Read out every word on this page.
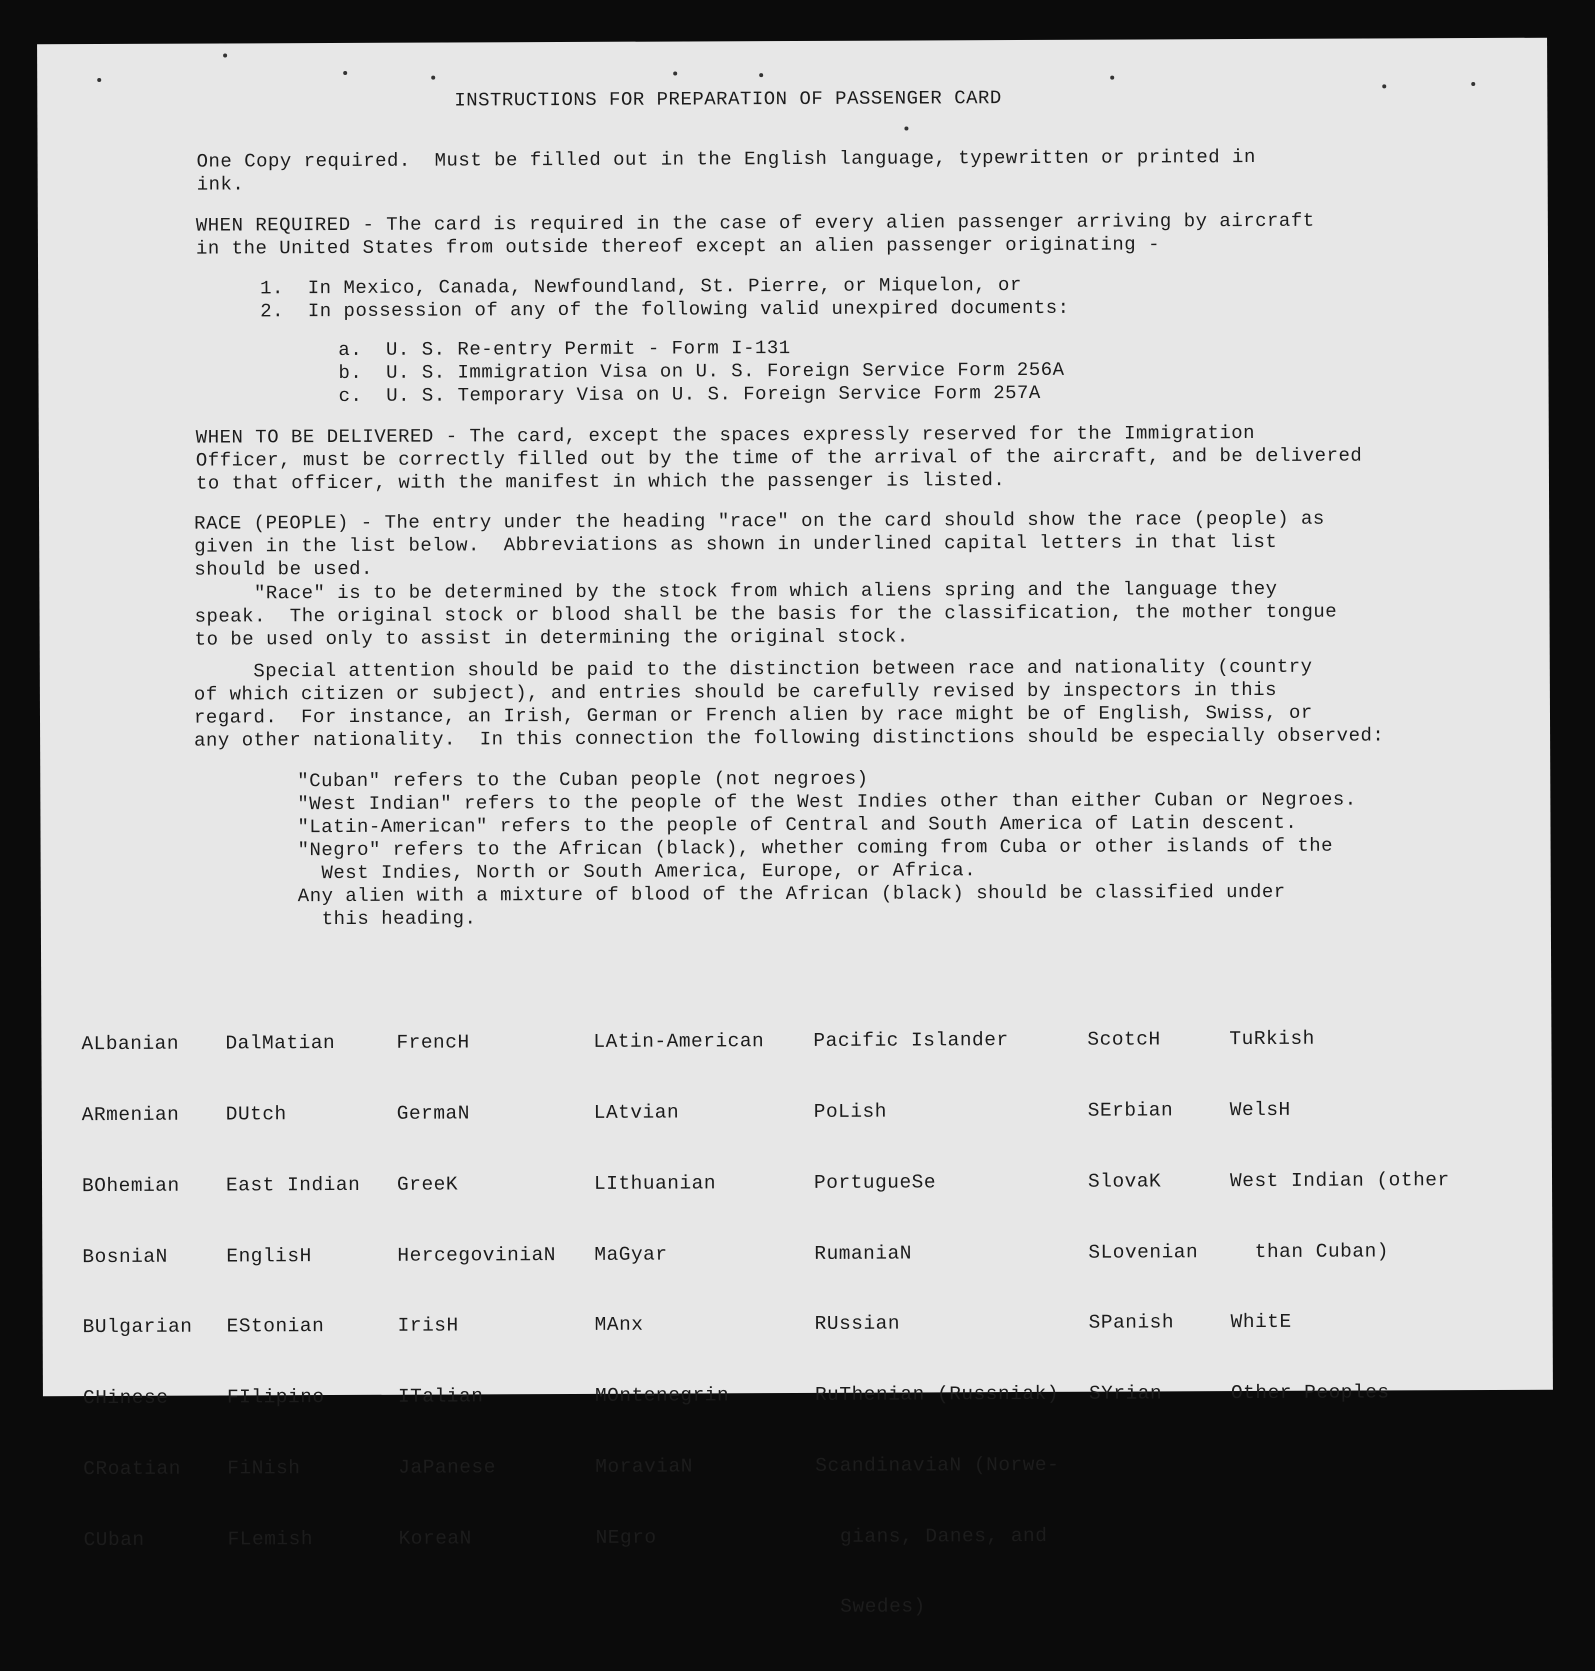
INSTRUCTIONS FOR PREPARATION OF PASSENGER CARD
One Copy required.  Must be filled out in the English language, typewritten or printed in
ink.
WHEN REQUIRED - The card is required in the case of every alien passenger arriving by aircraft
in the United States from outside thereof except an alien passenger originating -
1.  In Mexico, Canada, Newfoundland, St. Pierre, or Miquelon, or
2.  In possession of any of the following valid unexpired documents:
a.  U. S. Re-entry Permit - Form I-131
b.  U. S. Immigration Visa on U. S. Foreign Service Form 256A
c.  U. S. Temporary Visa on U. S. Foreign Service Form 257A
WHEN TO BE DELIVERED - The card, except the spaces expressly reserved for the Immigration
Officer, must be correctly filled out by the time of the arrival of the aircraft, and be delivered
to that officer, with the manifest in which the passenger is listed.
RACE (PEOPLE) - The entry under the heading "race" on the card should show the race (people) as
given in the list below.  Abbreviations as shown in underlined capital letters in that list
should be used.
"Race" is to be determined by the stock from which aliens spring and the language they
speak.  The original stock or blood shall be the basis for the classification, the mother tongue
to be used only to assist in determining the original stock.
Special attention should be paid to the distinction between race and nationality (country
of which citizen or subject), and entries should be carefully revised by inspectors in this
regard.  For instance, an Irish, German or French alien by race might be of English, Swiss, or
any other nationality.  In this connection the following distinctions should be especially observed:
"Cuban" refers to the Cuban people (not negroes)
"West Indian" refers to the people of the West Indies other than either Cuban or Negroes.
"Latin-American" refers to the people of Central and South America of Latin descent.
"Negro" refers to the African (black), whether coming from Cuba or other islands of the
West Indies, North or South America, Europe, or Africa.
Any alien with a mixture of blood of the African (black) should be classified under
this heading.

ALbanian

ARmenian

BOhemian

BosniaN

BUlgarian

CHinese

CRoatian

CUban

DalMatian

DUtch

East Indian

EnglisH

EStonian

FIlipino

FiNish

FLemish

FrencH

GermaN

GreeK

HercegoviniaN

IrisH

ITalian

JaPanese

KoreaN

LAtin-American

LAtvian

LIthuanian

MaGyar

MAnx

MOntenegrin

MoraviaN

NEgro

Pacific Islander

PoLish

PortugueSe

RumaniaN

RUssian

RuThenian (Russniak)

ScandinaviaN (Norwe-

gians, Danes, and

Swedes)

ScotcH

SErbian

SlovaK

SLovenian

SPanish

SYrian

TuRkish

WelsH

West Indian (other

than Cuban)

WhitE

Other Peoples
